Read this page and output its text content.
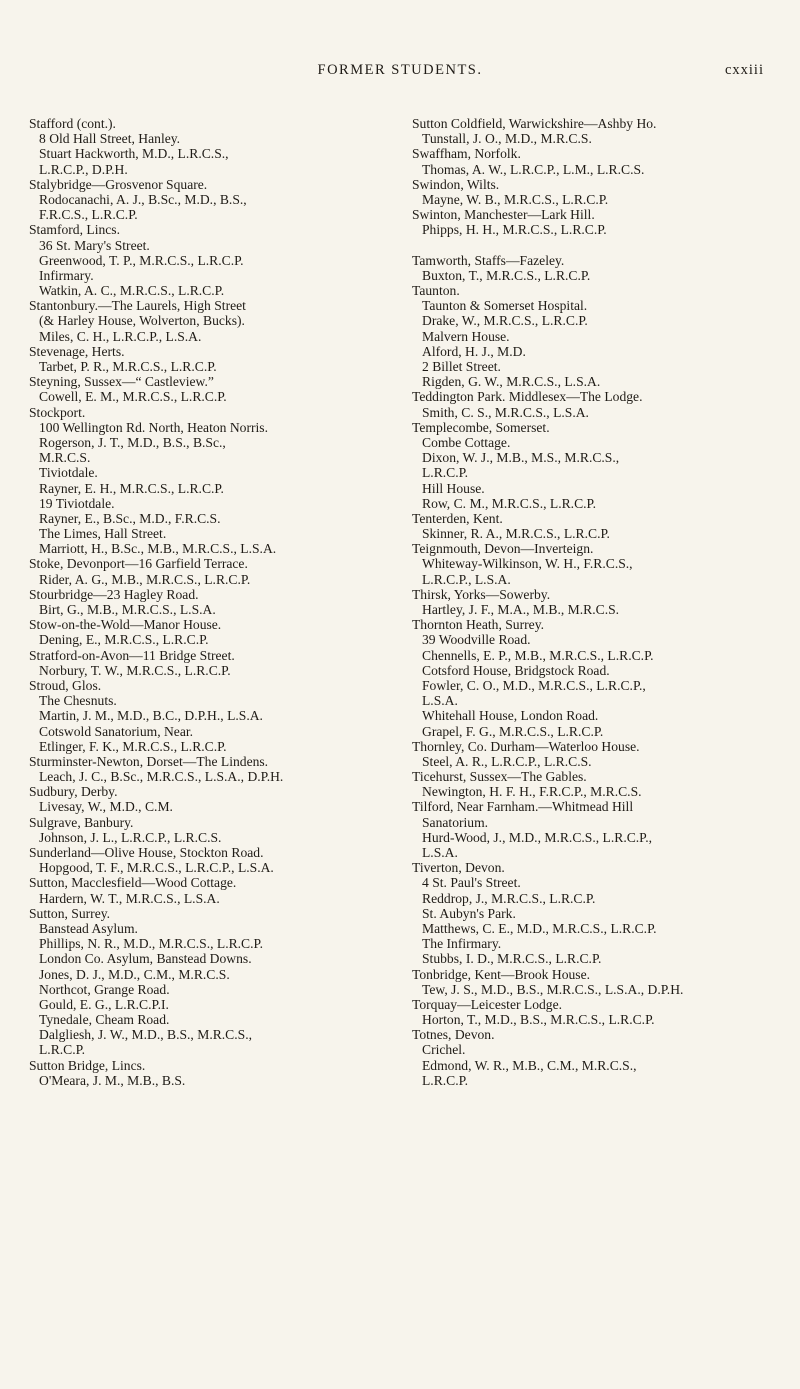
FORMER STUDENTS.	cxxiii
Stafford (cont.).
8 Old Hall Street, Hanley.
Stuart Hackworth, M.D., L.R.C.S.,
L.R.C.P., D.P.H.
Stalybridge—Grosvenor Square.
Rodocanachi, A. J., B.Sc., M.D., B.S.,
F.R.C.S., L.R.C.P.
Stamford, Lincs.
36 St. Mary's Street.
Greenwood, T. P., M.R.C.S., L.R.C.P.
Infirmary.
Watkin, A. C., M.R.C.S., L.R.C.P.
Stantonbury.—The Laurels, High Street
(& Harley House, Wolverton, Bucks).
Miles, C. H., L.R.C.P., L.S.A.
Stevenage, Herts.
Tarbet, P. R., M.R.C.S., L.R.C.P.
Steyning, Sussex—“ Castleview.”
Cowell, E. M., M.R.C.S., L.R.C.P.
Stockport.
100 Wellington Rd. North, Heaton Norris.
Rogerson, J. T., M.D., B.S., B.Sc.,
M.R.C.S.
Tiviotdale.
Rayner, E. H., M.R.C.S., L.R.C.P.
19 Tiviotdale.
Rayner, E., B.Sc., M.D., F.R.C.S.
The Limes, Hall Street.
Marriott, H., B.Sc., M.B., M.R.C.S., L.S.A.
Stoke, Devonport—16 Garfield Terrace.
Rider, A. G., M.B., M.R.C.S., L.R.C.P.
Stourbridge—23 Hagley Road.
Birt, G., M.B., M.R.C.S., L.S.A.
Stow-on-the-Wold—Manor House.
Dening, E., M.R.C.S., L.R.C.P.
Stratford-on-Avon—11 Bridge Street.
Norbury, T. W., M.R.C.S., L.R.C.P.
Stroud, Glos.
The Chesnuts.
Martin, J. M., M.D., B.C., D.P.H., L.S.A.
Cotswold Sanatorium, Near.
Etlinger, F. K., M.R.C.S., L.R.C.P.
Sturminster-Newton, Dorset—The Lindens.
Leach, J. C., B.Sc., M.R.C.S., L.S.A., D.P.H.
Sudbury, Derby.
Livesay, W., M.D., C.M.
Sulgrave, Banbury.
Johnson, J. L., L.R.C.P., L.R.C.S.
Sunderland—Olive House, Stockton Road.
Hopgood, T. F., M.R.C.S., L.R.C.P., L.S.A.
Sutton, Macclesfield—Wood Cottage.
Hardern, W. T., M.R.C.S., L.S.A.
Sutton, Surrey.
Banstead Asylum.
Phillips, N. R., M.D., M.R.C.S., L.R.C.P.
London Co. Asylum, Banstead Downs.
Jones, D. J., M.D., C.M., M.R.C.S.
Northcot, Grange Road.
Gould, E. G., L.R.C.P.I.
Tynedale, Cheam Road.
Dalgliesh, J. W., M.D., B.S., M.R.C.S.,
L.R.C.P.
Sutton Bridge, Lincs.
O'Meara, J. M., M.B., B.S.
Sutton Coldfield, Warwickshire—Ashby Ho.
Tunstall, J. O., M.D., M.R.C.S.
Swaffham, Norfolk.
Thomas, A. W., L.R.C.P., L.M., L.R.C.S.
Swindon, Wilts.
Mayne, W. B., M.R.C.S., L.R.C.P.
Swinton, Manchester—Lark Hill.
Phipps, H. H., M.R.C.S., L.R.C.P.
Tamworth, Staffs—Fazeley.
Buxton, T., M.R.C.S., L.R.C.P.
Taunton.
Taunton & Somerset Hospital.
Drake, W., M.R.C.S., L.R.C.P.
Malvern House.
Alford, H. J., M.D.
2 Billet Street.
Rigden, G. W., M.R.C.S., L.S.A.
Teddington Park. Middlesex—The Lodge.
Smith, C. S., M.R.C.S., L.S.A.
Templecombe, Somerset.
Combe Cottage.
Dixon, W. J., M.B., M.S., M.R.C.S.,
L.R.C.P.
Hill House.
Row, C. M., M.R.C.S., L.R.C.P.
Tenterden, Kent.
Skinner, R. A., M.R.C.S., L.R.C.P.
Teignmouth, Devon—Inverteign.
Whiteway-Wilkinson, W. H., F.R.C.S.,
L.R.C.P., L.S.A.
Thirsk, Yorks—Sowerby.
Hartley, J. F., M.A., M.B., M.R.C.S.
Thornton Heath, Surrey.
39 Woodville Road.
Chennells, E. P., M.B., M.R.C.S., L.R.C.P.
Cotsford House, Bridgstock Road.
Fowler, C. O., M.D., M.R.C.S., L.R.C.P.,
L.S.A.
Whitehall House, London Road.
Grapel, F. G., M.R.C.S., L.R.C.P.
Thornley, Co. Durham—Waterloo House.
Steel, A. R., L.R.C.P., L.R.C.S.
Ticehurst, Sussex—The Gables.
Newington, H. F. H., F.R.C.P., M.R.C.S.
Tilford, Near Farnham.—Whitmead Hill
Sanatorium.
Hurd-Wood, J., M.D., M.R.C.S., L.R.C.P.,
L.S.A.
Tiverton, Devon.
4 St. Paul's Street.
Reddrop, J., M.R.C.S., L.R.C.P.
St. Aubyn's Park.
Matthews, C. E., M.D., M.R.C.S., L.R.C.P.
The Infirmary.
Stubbs, I. D., M.R.C.S., L.R.C.P.
Tonbridge, Kent—Brook House.
Tew, J. S., M.D., B.S., M.R.C.S., L.S.A., D.P.H.
Torquay—Leicester Lodge.
Horton, T., M.D., B.S., M.R.C.S., L.R.C.P.
Totnes, Devon.
Crichel.
Edmond, W. R., M.B., C.M., M.R.C.S.,
L.R.C.P.
